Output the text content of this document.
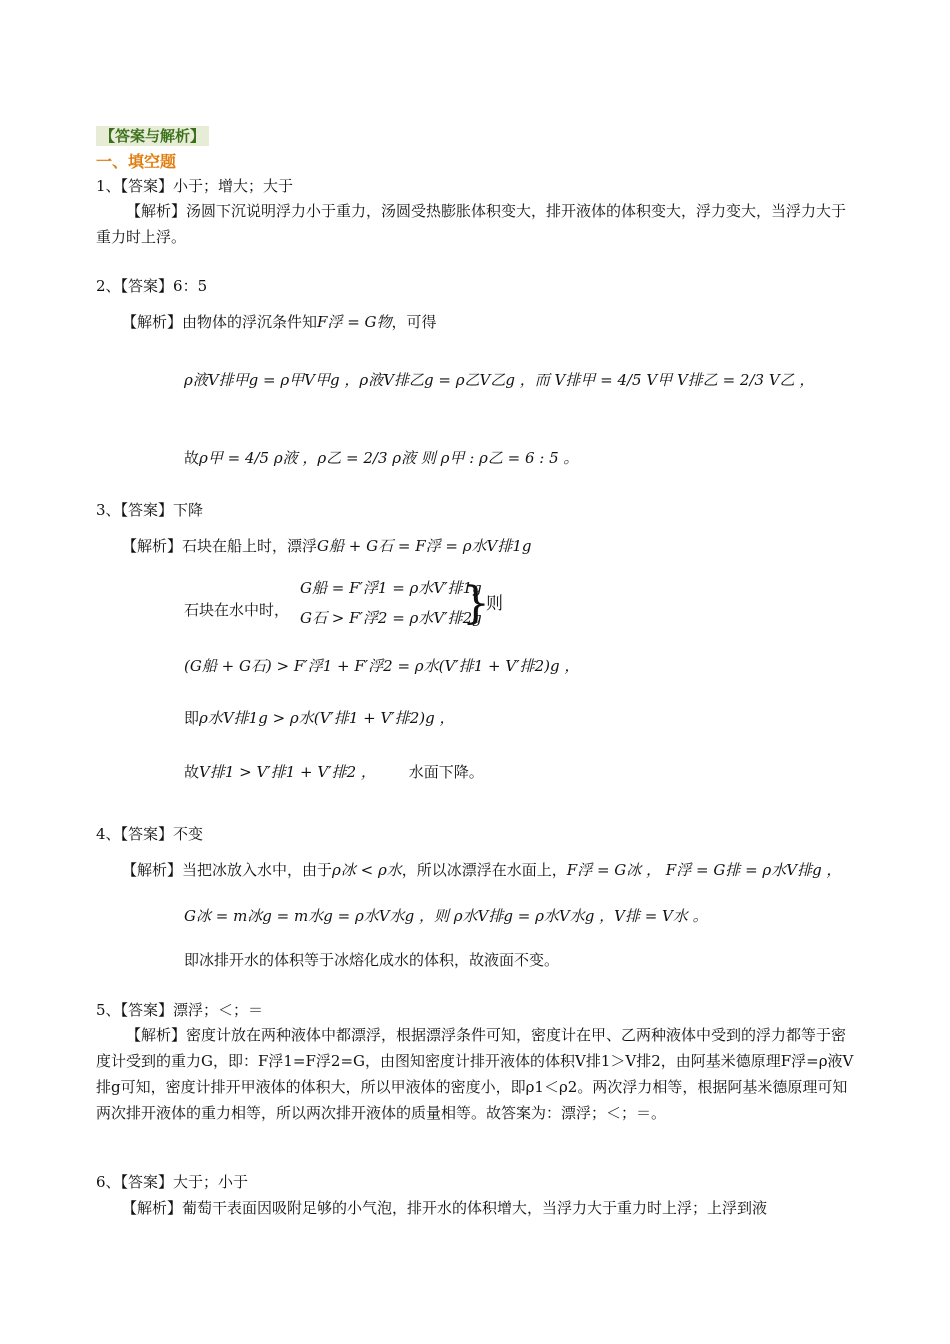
【答案与解析】
一、填空题
1、【答案】小于；增大；大于
【解析】汤圆下沉说明浮力小于重力，汤圆受热膨胀体积变大，排开液体的体积变大，浮力变大，当浮力大于重力时上浮。
2、【答案】6：5
【解析】由物体的浮沉条件知F浮 = G物，可得
ρ液V排甲g = ρ甲V甲g ，ρ液V排乙g = ρ乙V乙g ，而 V排甲 = 4/5 V甲 V排乙 = 2/3 V乙 ，
故ρ甲 = 4/5 ρ液 ，ρ乙 = 2/3 ρ液 则 ρ甲 : ρ乙 = 6 : 5 。
3、【答案】下降
【解析】石块在船上时，漂浮G船 + G石 = F浮 = ρ水V排1g
石块在水中时，
G船 = F′浮1 = ρ水V′排1g
G石 > F′浮2 = ρ水V′排2g
}
则
(G船 + G石) > F′浮1 + F′浮2 = ρ水(V′排1 + V′排2)g ，
即ρ水V排1g > ρ水(V′排1 + V′排2)g ，
故V排1 > V′排1 + V′排2 ， 水面下降。
4、【答案】不变
【解析】当把冰放入水中，由于ρ冰 < ρ水，所以冰漂浮在水面上，F浮 = G冰 ， F浮 = G排 = ρ水V排g ，
G冰 = m冰g = m水g = ρ水V水g ，则 ρ水V排g = ρ水V水g ，V排 = V水 。
即冰排开水的体积等于冰熔化成水的体积，故液面不变。
5、【答案】漂浮；＜；＝
【解析】密度计放在两种液体中都漂浮，根据漂浮条件可知，密度计在甲、乙两种液体中受到的浮力都等于密度计受到的重力G，即：F浮1=F浮2=G，由图知密度计排开液体的体积V排1＞V排2，由阿基米德原理F浮=ρ液V排g可知，密度计排开甲液体的体积大，所以甲液体的密度小，即ρ1＜ρ2。两次浮力相等，根据阿基米德原理可知两次排开液体的重力相等，所以两次排开液体的质量相等。故答案为：漂浮；＜；＝。
6、【答案】大于；小于
【解析】葡萄干表面因吸附足够的小气泡，排开水的体积增大，当浮力大于重力时上浮；上浮到液
